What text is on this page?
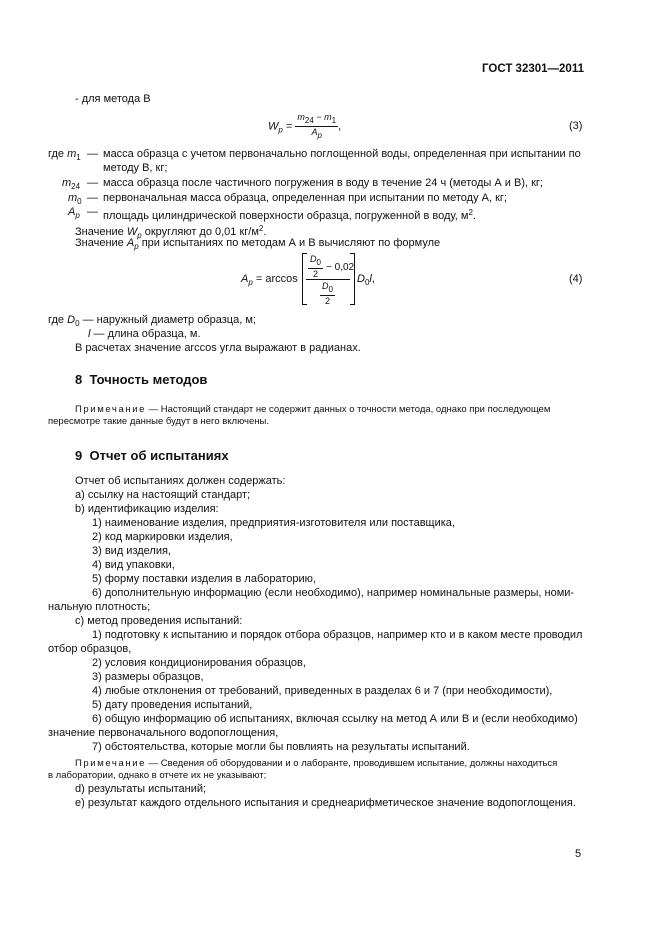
ГОСТ 32301—2011
- для метода В
$W_p = \frac{m24 - m1}{Ap}$ ,	(3)
где $m_1$ — масса образца с учетом первоначально поглощенной воды, определенная при испытании по
методу В, кг;
$m_{24}$ — масса образца после частичного погружения в воду в течение 24 ч (методы А и В), кг;
$m_0$ — первоначальная масса образца, определенная при испытании по методу А, кг;
$A_p$ — площадь цилиндрической поверхности образца, погруженной в воду, $м^2$.
Значение $W_p$ округляют до 0,01 $кг/м^2$.
Значение $A_p$ при испытаниях по методам А и В вычисляют по формуле
$A_p = \arccos \frac{D0}{2} - 0,02$
$\frac{D0}{2}$
$D_0l$,	(4)
где $D_0$ — наружный диаметр образца, м;
l — длина образца, м.
В расчетах значение arccos угла выражают в радианах.
8 Точность методов
Примечание — Настоящий стандарт не содержит данных о точности метода, однако при последующем
пересмотре такие данные будут в него включены.
9 Отчет об испытаниях
Отчет об испытаниях должен содержать:
a) ссылку на настоящий стандарт;
b) идентификацию изделия:
1) наименование изделия, предприятия-изготовителя или поставщика,
2) код маркировки изделия,
3) вид изделия,
4) вид упаковки,
5) форму поставки изделия в лабораторию,
6) дополнительную информацию (если необходимо), например номинальные размеры, номи-
нальную плотность;
c) метод проведения испытаний:
1) подготовку к испытанию и порядок отбора образцов, например кто и в каком месте проводил
отбор образцов,
2) условия кондиционирования образцов,
3) размеры образцов,
4) любые отклонения от требований, приведенных в разделах 6 и 7 (при необходимости),
5) дату проведения испытаний,
6) общую информацию об испытаниях, включая ссылку на метод А или В и (если необходимо)
значение первоначального водопоглощения,
7) обстоятельства, которые могли бы повлиять на результаты испытаний.
Примечание — Сведения об оборудовании и о лаборанте, проводившем испытание, должны находиться
в лаборатории, однако в отчете их не указывают;
d) результаты испытаний;
e) результат каждого отдельного испытания и среднеарифметическое значение водопоглощения.
5
